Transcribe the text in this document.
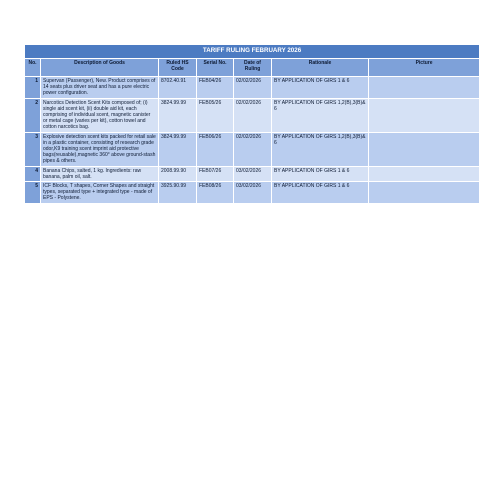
TARIFF RULING FEBRUARY 2026						
No.	Description of Goods	Ruled HS Code	Serial No.	Date of Ruling	Rationale	Picture
1	Supervan (Passenger), New. Product comprises of 14 seats plus driver seat and has a pure electric power configuration.	8702.40.91	FEB04/26	02/02/2026	BY APPLICATION OF GIRS 1 & 6	
2	Narcotics Detection Scent Kits composed of; (i) single aid scent kit, (ii) double aid kit, each comprising of individual scent, magnetic canister or metal cage (varies per kit), cotton towel and cotton narcotics bag.	3824.99.99	FEB05/26	02/02/2026	BY APPLICATION OF GIRS 1,2(B),3(B)& 6	
3	Explosive detection scent kits packed for retail sale in a plastic container, consisting of research grade odor,K9 training scent imprint aid protective bags(reusable),magnetic 360° above ground-stash pipes & others.	3824.99.99	FEB06/26	02/02/2026	BY APPLICATION OF GIRS 1,2(B),3(B)& 6	
4	Banana Chips, salted, 1 kg. Ingredients: raw banana, palm oil, salt.	2008.99.90	FEB07/26	03/02/2026	BY APPLICATION OF GIRS 1 & 6	
5	ICF Blocks, T shapes, Corner Shapes and straight types, separated type + integrated type - made of EPS - Polystene.	3925.90.99	FEB08/26	03/02/2026	BY APPLICATION OF GIRS 1 & 6	
